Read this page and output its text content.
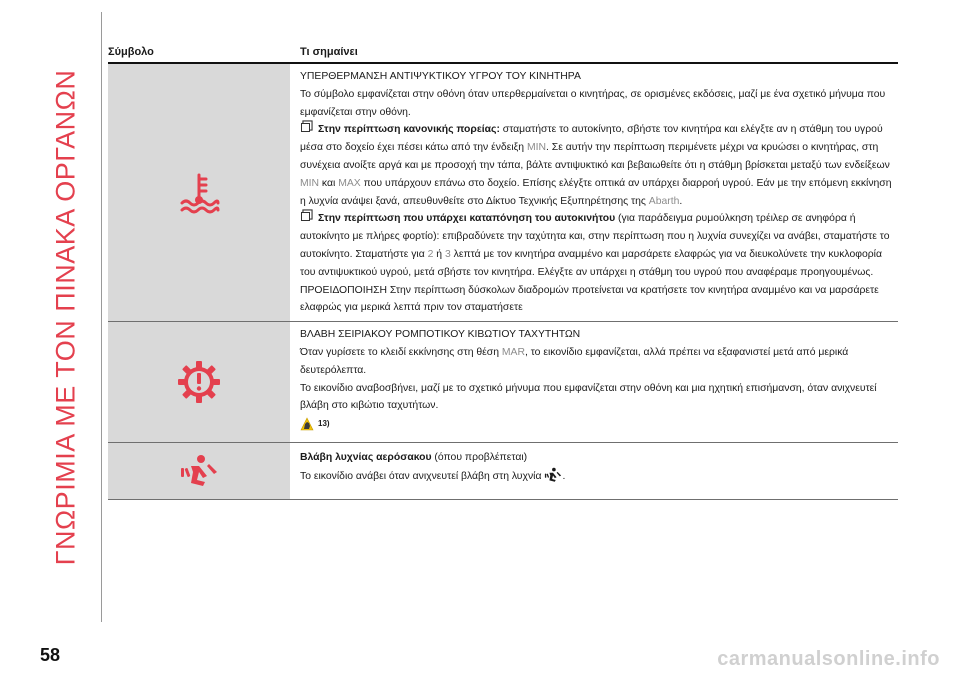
ΓΝΩΡΙΜΙΑ ΜΕ ΤΟΝ ΠΙΝΑΚΑ ΟΡΓΑΝΩΝ
Σύμβολο	Τι σημαίνει

ΥΠΕΡΘΕΡΜΑΝΣΗ ΑΝΤΙΨΥΚΤΙΚΟΥ ΥΓΡΟΥ ΤΟΥ ΚΙΝΗΤΗΡΑ

Το σύμβολο εμφανίζεται στην οθόνη όταν υπερθερμαίνεται ο κινητήρας, σε ορισμένες εκδόσεις, μαζί με ένα σχετικό μήνυμα που εμφανίζεται στην οθόνη.

Στην περίπτωση κανονικής πορείας: σταματήστε το αυτοκίνητο, σβήστε τον κινητήρα και ελέγξτε αν η στάθμη του υγρού μέσα στο δοχείο έχει πέσει κάτω από την ένδειξη MIN. Σε αυτήν την περίπτωση περιμένετε μέχρι να κρυώσει ο κινητήρας, στη συνέχεια ανοίξτε αργά και με προσοχή την τάπα, βάλτε αντιψυκτικό και βεβαιωθείτε ότι η στάθμη βρίσκεται μεταξύ των ενδείξεων MIN και MAX που υπάρχουν επάνω στο δοχείο. Επίσης ελέγξτε οπτικά αν υπάρχει διαρροή υγρού. Εάν με την επόμενη εκκίνηση η λυχνία ανάψει ξανά, απευθυνθείτε στο Δίκτυο Τεχνικής Εξυπηρέτησης της Abarth.

Στην περίπτωση που υπάρχει καταπόνηση του αυτοκινήτου (για παράδειγμα ρυμούλκηση τρέιλερ σε ανηφόρα ή αυτοκίνητο με πλήρες φορτίο): επιβραδύνετε την ταχύτητα και, στην περίπτωση που η λυχνία συνεχίζει να ανάβει, σταματήστε το αυτοκίνητο. Σταματήστε για 2 ή 3 λεπτά με τον κινητήρα αναμμένο και μαρσάρετε ελαφρώς για να διευκολύνετε την κυκλοφορία του αντιψυκτικού υγρού, μετά σβήστε τον κινητήρα. Ελέγξτε αν υπάρχει η στάθμη του υγρού που αναφέραμε προηγουμένως.

ΠΡΟΕΙΔΟΠΟΙΗΣΗ Στην περίπτωση δύσκολων διαδρομών προτείνεται να κρατήσετε τον κινητήρα αναμμένο και να μαρσάρετε ελαφρώς για μερικά λεπτά πριν τον σταματήσετε

ΒΛΑΒΗ ΣΕΙΡΙΑΚΟΥ ΡΟΜΠΟΤΙΚΟΥ ΚΙΒΩΤΙΟΥ ΤΑΧΥΤΗΤΩΝ

Όταν γυρίσετε το κλειδί εκκίνησης στη θέση MAR, το εικονίδιο εμφανίζεται, αλλά πρέπει να εξαφανιστεί μετά από μερικά δευτερόλεπτα.

Το εικονίδιο αναβοσβήνει, μαζί με το σχετικό μήνυμα που εμφανίζεται στην οθόνη και μια ηχητική επισήμανση, όταν ανιχνευτεί βλάβη στο κιβώτιο ταχυτήτων.

13)

Βλάβη λυχνίας αερόσακου (όπου προβλέπεται)

Το εικονίδιο ανάβει όταν ανιχνευτεί βλάβη στη λυχνία .

58	carmanualsonline.info
